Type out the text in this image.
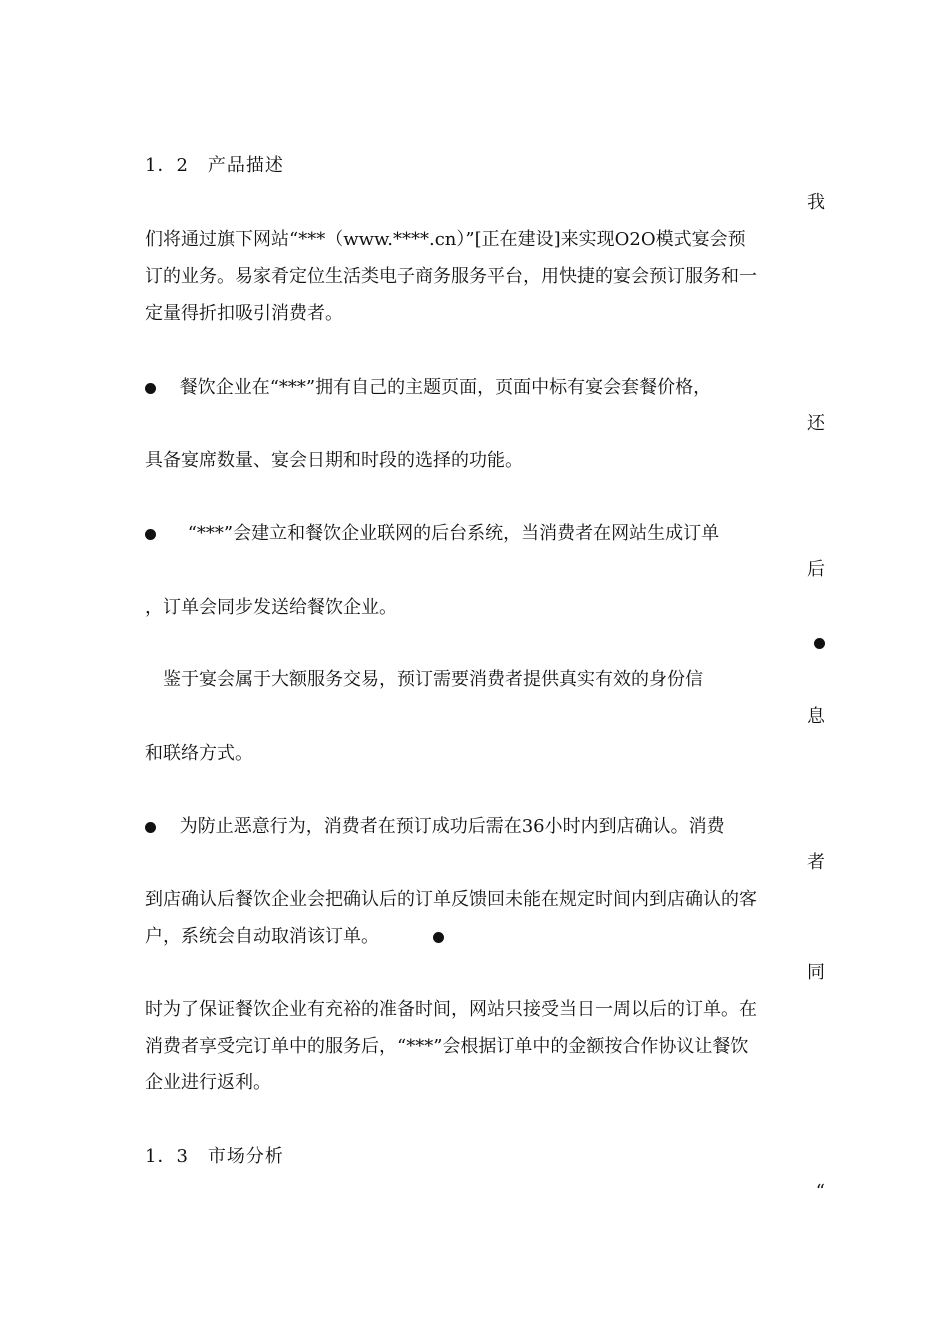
1．2　产品描述
我
们将通过旗下网站“***（www.****.cn）”[正在建设]来实现O2O模式宴会预
订的业务。易家肴定位生活类电子商务服务平台，用快捷的宴会预订服务和一
定量得折扣吸引消费者。
餐饮企业在“***”拥有自己的主题页面，页面中标有宴会套餐价格，
还
具备宴席数量、宴会日期和时段的选择的功能。
“***”会建立和餐饮企业联网的后台系统，当消费者在网站生成订单
后
，订单会同步发送给餐饮企业。
鉴于宴会属于大额服务交易，预订需要消费者提供真实有效的身份信
息
和联络方式。
为防止恶意行为，消费者在预订成功后需在36小时内到店确认。消费
者
到店确认后餐饮企业会把确认后的订单反馈回未能在规定时间内到店确认的客
户，系统会自动取消该订单。
同
时为了保证餐饮企业有充裕的准备时间，网站只接受当日一周以后的订单。在
消费者享受完订单中的服务后，“***”会根据订单中的金额按合作协议让餐饮
企业进行返利。
1．3　市场分析
“
